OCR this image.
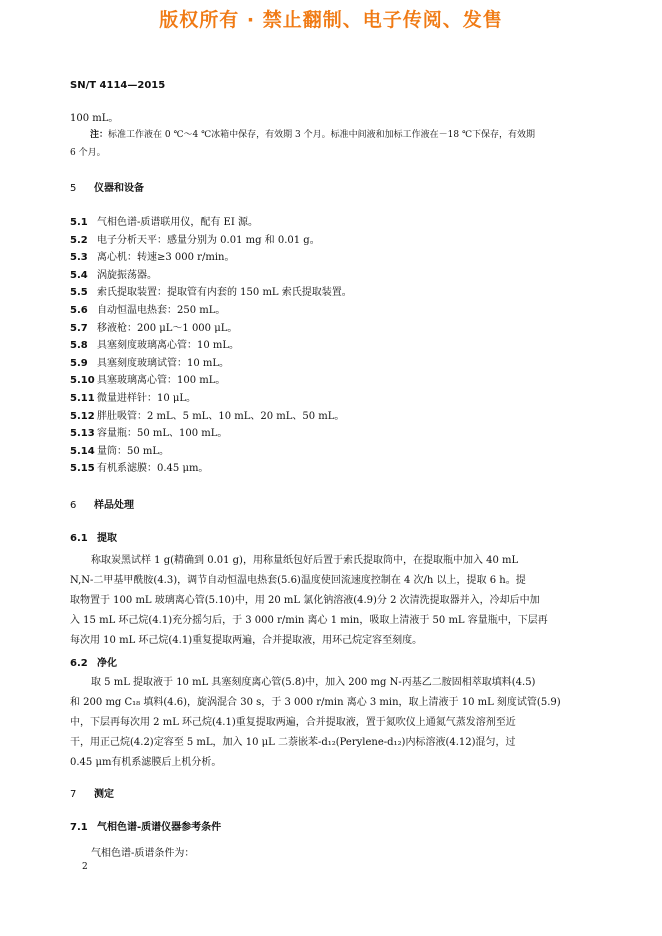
版权所有 · 禁止翻制、电子传阅、发售
SN/T 4114—2015
100 mL。
注：标准工作液在 0 ℃～4 ℃冰箱中保存，有效期 3 个月。标准中间液和加标工作液在－18 ℃下保存，有效期
6 个月。
5 仪器和设备
5.1 气相色谱-质谱联用仪，配有 EI 源。
5.2 电子分析天平：感量分别为 0.01 mg 和 0.01 g。
5.3 离心机：转速≥3 000 r/min。
5.4 涡旋振荡器。
5.5 索氏提取装置：提取管有内套的 150 mL 索氏提取装置。
5.6 自动恒温电热套：250 mL。
5.7 移液枪：200 μL～1 000 μL。
5.8 具塞刻度玻璃离心管：10 mL。
5.9 具塞刻度玻璃试管：10 mL。
5.10 具塞玻璃离心管：100 mL。
5.11 微量进样针：10 μL。
5.12 胖肚吸管：2 mL、5 mL、10 mL、20 mL、50 mL。
5.13 容量瓶：50 mL、100 mL。
5.14 量筒：50 mL。
5.15 有机系滤膜：0.45 μm。
6 样品处理
6.1 提取
称取炭黑试样 1 g(精确到 0.01 g)，用称量纸包好后置于索氏提取筒中，在提取瓶中加入 40 mL
N,N-二甲基甲酰胺(4.3)，调节自动恒温电热套(5.6)温度使回流速度控制在 4 次/h 以上，提取 6 h。提
取物置于 100 mL 玻璃离心管(5.10)中，用 20 mL 氯化钠溶液(4.9)分 2 次清洗提取器并入，冷却后中加
入 15 mL 环己烷(4.1)充分摇匀后，于 3 000 r/min 离心 1 min，吸取上清液于 50 mL 容量瓶中，下层再
每次用 10 mL 环己烷(4.1)重复提取两遍，合并提取液，用环己烷定容至刻度。
6.2 净化
取 5 mL 提取液于 10 mL 具塞刻度离心管(5.8)中，加入 200 mg N-丙基乙二胺固相萃取填料(4.5)
和 200 mg C₁₈ 填料(4.6)，旋涡混合 30 s，于 3 000 r/min 离心 3 min，取上清液于 10 mL 刻度试管(5.9)
中，下层再每次用 2 mL 环己烷(4.1)重复提取两遍，合并提取液，置于氮吹仪上通氮气蒸发溶剂至近
干，用正己烷(4.2)定容至 5 mL，加入 10 μL 二萘嵌苯-d₁₂(Perylene-d₁₂)内标溶液(4.12)混匀，过
0.45 μm有机系滤膜后上机分析。
7 测定
7.1 气相色谱-质谱仪器参考条件
气相色谱-质谱条件为：
2
